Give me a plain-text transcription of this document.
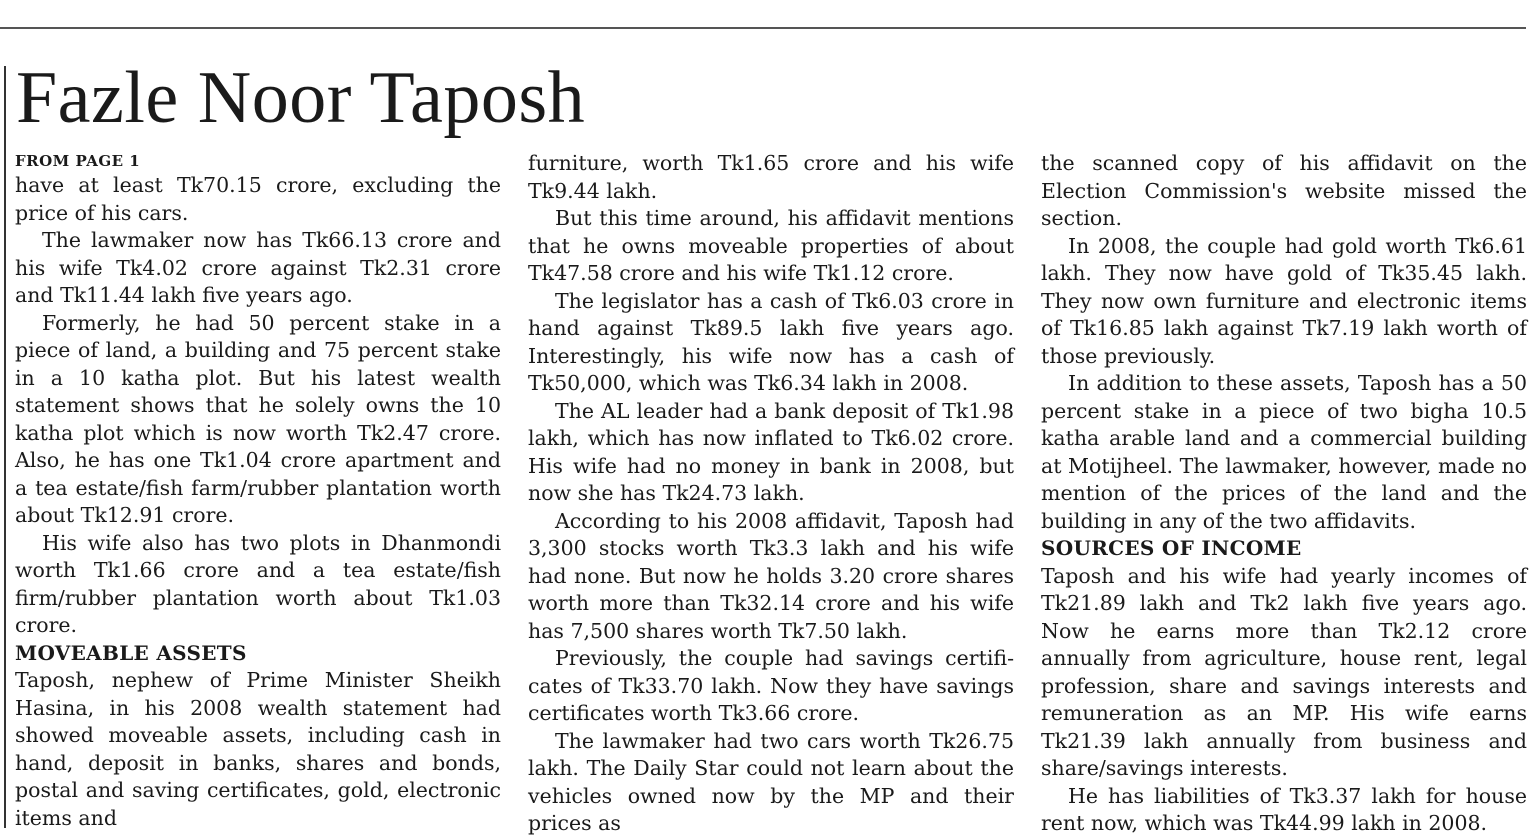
Fazle Noor Taposh

FROM PAGE 1

have at least Tk70.15 crore, excluding the price of his cars.

The lawmaker now has Tk66.13 crore and his wife Tk4.02 crore against Tk2.31 crore and Tk11.44 lakh five years ago.

Formerly, he had 50 percent stake in a piece of land, a building and 75 percent stake in a 10 katha plot. But his latest wealth statement shows that he solely owns the 10 katha plot which is now worth Tk2.47 crore. Also, he has one Tk1.04 crore apartment and a tea estate/fish farm/rubber plantation worth about Tk12.91 crore.

His wife also has two plots in Dhanmondi worth Tk1.66 crore and a tea estate/fish firm/rubber plantation worth about Tk1.03 crore.

MOVEABLE ASSETS

Taposh, nephew of Prime Minister Sheikh Hasina, in his 2008 wealth statement had showed moveable assets, including cash in hand, deposit in banks, shares and bonds, postal and saving certificates, gold, electronic items and

furniture, worth Tk1.65 crore and his wife Tk9.44 lakh.

But this time around, his affidavit mentions that he owns moveable properties of about Tk47.58 crore and his wife Tk1.12 crore.

The legislator has a cash of Tk6.03 crore in hand against Tk89.5 lakh five years ago. Interestingly, his wife now has a cash of Tk50,000, which was Tk6.34 lakh in 2008.

The AL leader had a bank deposit of Tk1.98 lakh, which has now inflated to Tk6.02 crore. His wife had no money in bank in 2008, but now she has Tk24.73 lakh.

According to his 2008 affidavit, Taposh had 3,300 stocks worth Tk3.3 lakh and his wife had none. But now he holds 3.20 crore shares worth more than Tk32.14 crore and his wife has 7,500 shares worth Tk7.50 lakh.

Previously, the couple had savings certificates of Tk33.70 lakh. Now they have savings certificates worth Tk3.66 crore.

The lawmaker had two cars worth Tk26.75 lakh. The Daily Star could not learn about the vehicles owned now by the MP and their prices as

the scanned copy of his affidavit on the Election Commission's website missed the section.

In 2008, the couple had gold worth Tk6.61 lakh. They now have gold of Tk35.45 lakh. They now own furniture and electronic items of Tk16.85 lakh against Tk7.19 lakh worth of those previously.

In addition to these assets, Taposh has a 50 percent stake in a piece of two bigha 10.5 katha arable land and a commercial building at Motijheel. The lawmaker, however, made no mention of the prices of the land and the building in any of the two affidavits.

SOURCES OF INCOME

Taposh and his wife had yearly incomes of Tk21.89 lakh and Tk2 lakh five years ago. Now he earns more than Tk2.12 crore annually from agriculture, house rent, legal profession, share and savings interests and remuneration as an MP. His wife earns Tk21.39 lakh annually from business and share/savings interests.

He has liabilities of Tk3.37 lakh for house rent now, which was Tk44.99 lakh in 2008.
